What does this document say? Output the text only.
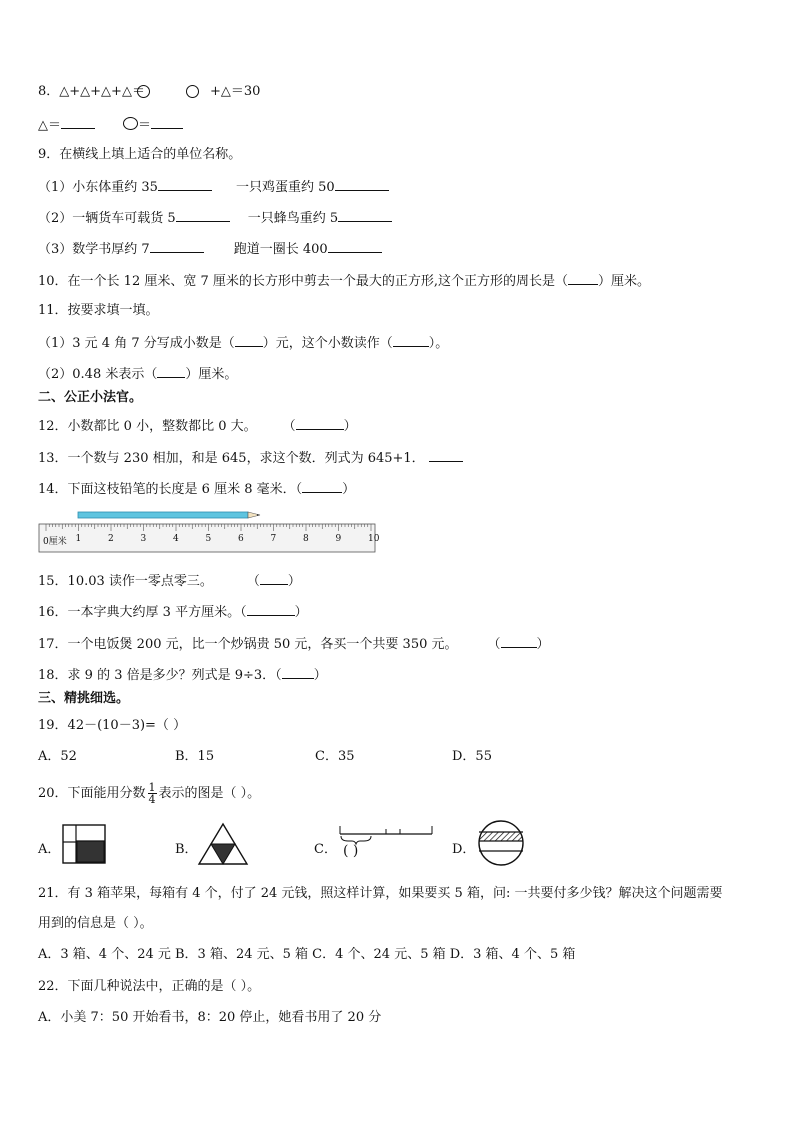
8．△+△+△+△＝	+△＝30
△＝	＝
9．在横线上填上适合的单位名称。
（1）小东体重约 35	一只鸡蛋重约 50
（2）一辆货车可载货 5	一只蜂鸟重约 5
（3）数学书厚约 7	跑道一圈长 400
10．在一个长 12 厘米、宽 7 厘米的长方形中剪去一个最大的正方形,这个正方形的周长是（ ）厘米。
11．按要求填一填。
（1）3 元 4 角 7 分写成小数是（ ）元，这个小数读作（	）。
（2）0.48 米表示（ ）厘米。
二、公正小法官。
12．小数都比 0 小，整数都比 0 大。 （	）
13．一个数与 230 相加，和是 645，求这个数．列式为 645+1．
14．下面这枝铅笔的长度是 6 厘米 8 毫米．（	）
0厘米 1	2	3	4	5	6	7	8	9	10
15．10.03 读作一零点零三。	（ ）
16．一本字典大约厚 3 平方厘米。（	）
17．一个电饭煲 200 元，比一个炒锅贵 50 元，各买一个共要 350 元。 （	）
18．求 9 的 3 倍是多少？列式是 9÷3．（ ）
三、精挑细选。
19．42－(10－3)=（ ）
A．52	B．15	C．35	D．55
20．下面能用分数 $\frac{1}{4}$ 表示的图是（ ）。
A．	B．	C． ( )	D．
21．有 3 箱苹果，每箱有 4 个，付了 24 元钱，照这样计算，如果要买 5 箱，问: 一共要付多少钱？解决这个问题需要
用到的信息是（ ）。
A．3 箱、4 个、24 元 B．3 箱、24 元、5 箱 C．4 个、24 元、5 箱 D．3 箱、4 个、5 箱
22．下面几种说法中，正确的是（ ）。
A．小美 7：50 开始看书，8：20 停止，她看书用了 20 分
